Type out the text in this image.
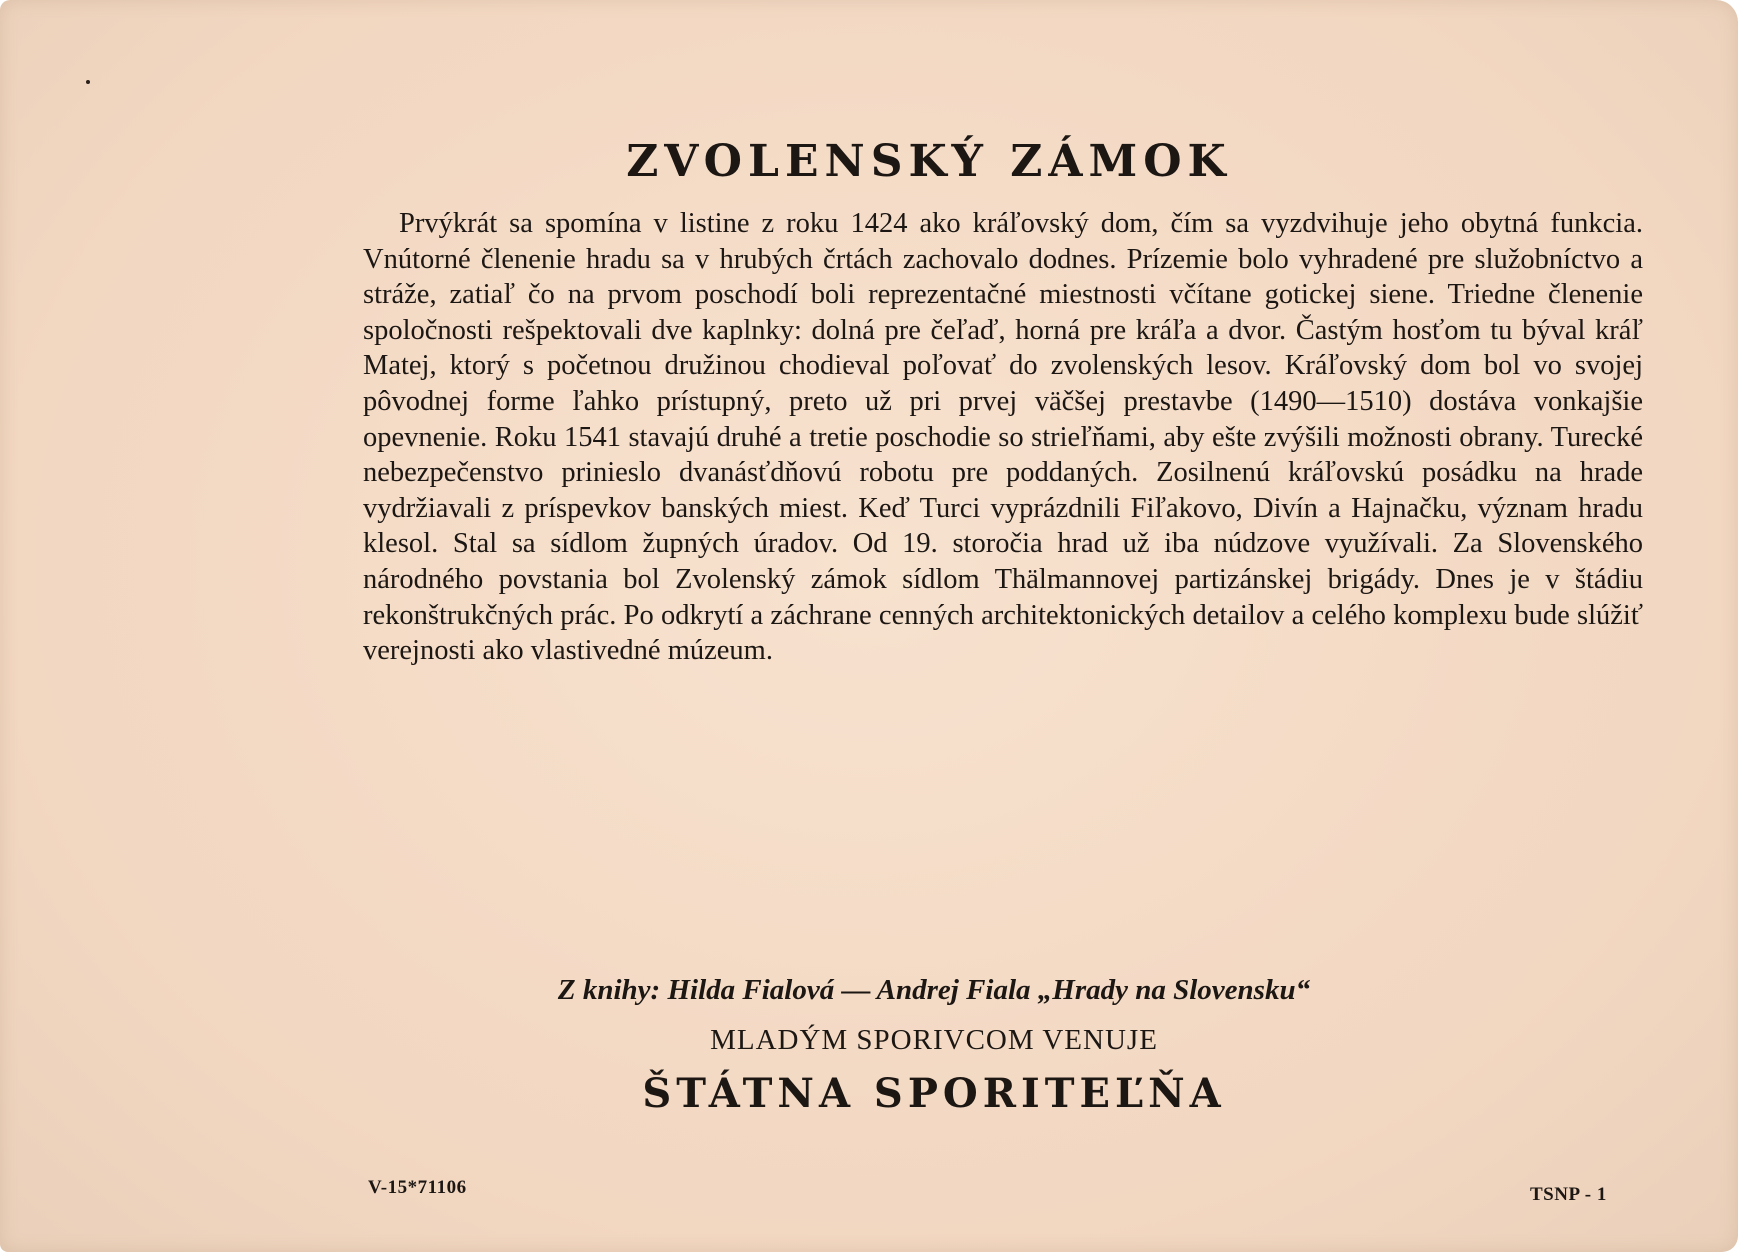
ZVOLENSKÝ ZÁMOK
Prvýkrát sa spomína v listine z roku 1424 ako kráľovský dom, čím sa vyzdvihuje jeho obytná funkcia. Vnútorné členenie hradu sa v hrubých črtách zachovalo dodnes. Prízemie bolo vyhradené pre služobníctvo a stráže, zatiaľ čo na prvom poschodí boli reprezentačné miestnosti včítane gotickej siene. Triedne členenie spoločnosti rešpektovali dve kaplnky: dolná pre čeľaď, horná pre kráľa a dvor. Častým hosťom tu býval kráľ Matej, ktorý s početnou družinou chodieval poľovať do zvolenských lesov. Kráľovský dom bol vo svojej pôvodnej forme ľahko prístupný, preto už pri prvej väčšej prestavbe (1490—1510) dostáva vonkajšie opevnenie. Roku 1541 stavajú druhé a tretie poschodie so strieľňami, aby ešte zvýšili možnosti obrany. Turecké nebezpečenstvo prinieslo dvanásťdňovú robotu pre poddaných. Zosilnenú kráľovskú posádku na hrade vydržiavali z príspevkov banských miest. Keď Turci vyprázdnili Fiľakovo, Divín a Hajnačku, význam hradu klesol. Stal sa sídlom župných úradov. Od 19. storočia hrad už iba núdzove využívali. Za Slovenského národného povstania bol Zvolenský zámok sídlom Thälmannovej partizánskej brigády. Dnes je v štádiu rekonštrukčných prác. Po odkrytí a záchrane cenných architektonických detailov a celého komplexu bude slúžiť verejnosti ako vlastivedné múzeum.
Z knihy: Hilda Fialová — Andrej Fiala „Hrady na Slovensku“
MLADÝM SPORIVCOM VENUJE
ŠTÁTNA SPORITEĽŇA
V-15*71106	TSNP - 1
